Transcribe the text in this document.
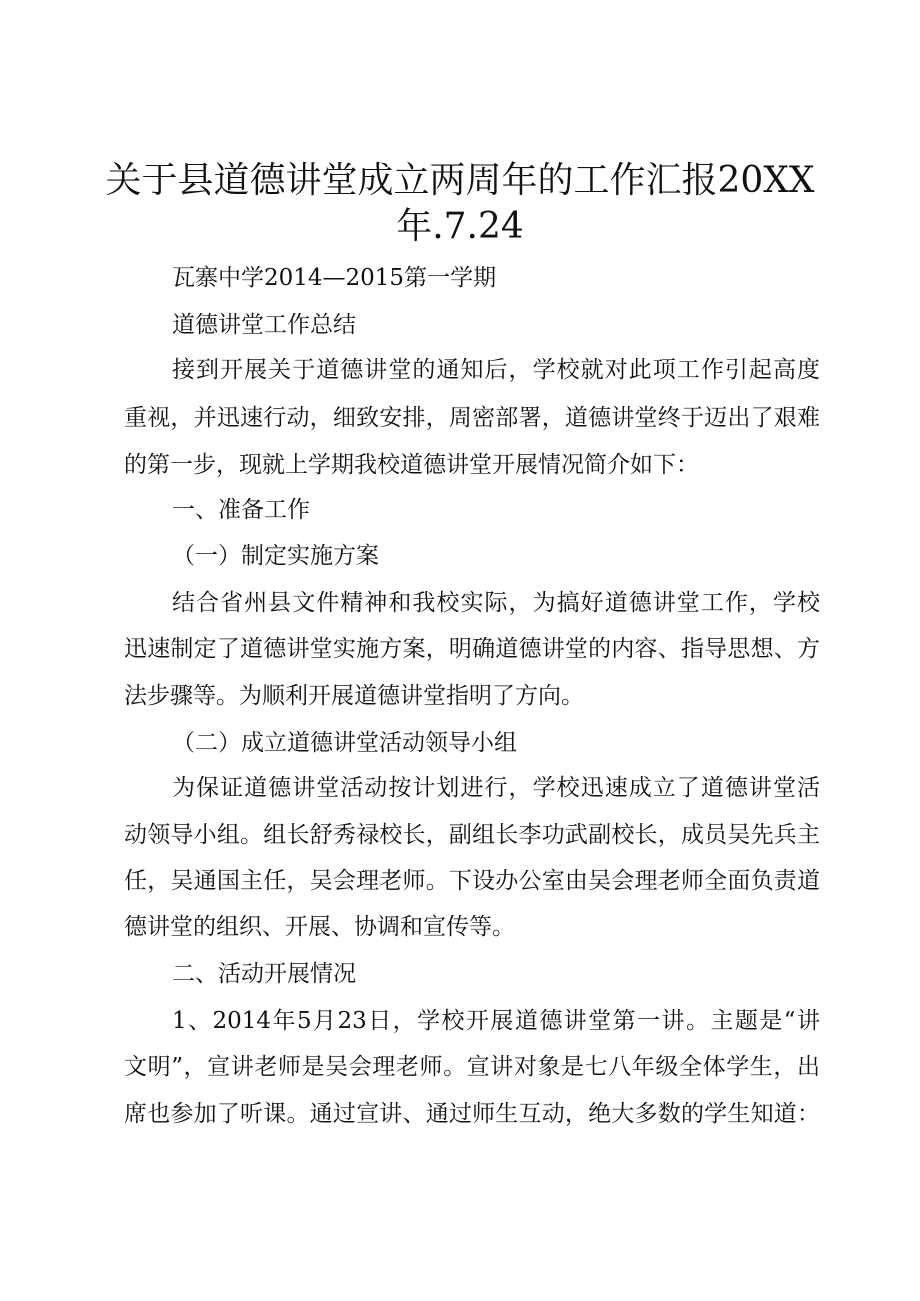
关于县道德讲堂成立两周年的工作汇报20XX
年.7.24
瓦寨中学2014—2015第一学期
道德讲堂工作总结
接到开展关于道德讲堂的通知后，学校就对此项工作引起高度
重视，并迅速行动，细致安排，周密部署，道德讲堂终于迈出了艰难
的第一步，现就上学期我校道德讲堂开展情况简介如下：
一、准备工作
（一）制定实施方案
结合省州县文件精神和我校实际，为搞好道德讲堂工作，学校
迅速制定了道德讲堂实施方案，明确道德讲堂的内容、指导思想、方
法步骤等。为顺利开展道德讲堂指明了方向。
（二）成立道德讲堂活动领导小组
为保证道德讲堂活动按计划进行，学校迅速成立了道德讲堂活
动领导小组。组长舒秀禄校长，副组长李功武副校长，成员吴先兵主
任，吴通国主任，吴会理老师。下设办公室由吴会理老师全面负责道
德讲堂的组织、开展、协调和宣传等。
二、活动开展情况
1、2014年5月23日，学校开展道德讲堂第一讲。主题是“讲
文明”，宣讲老师是吴会理老师。宣讲对象是七八年级全体学生，出
席也参加了听课。通过宣讲、通过师生互动，绝大多数的学生知道：
